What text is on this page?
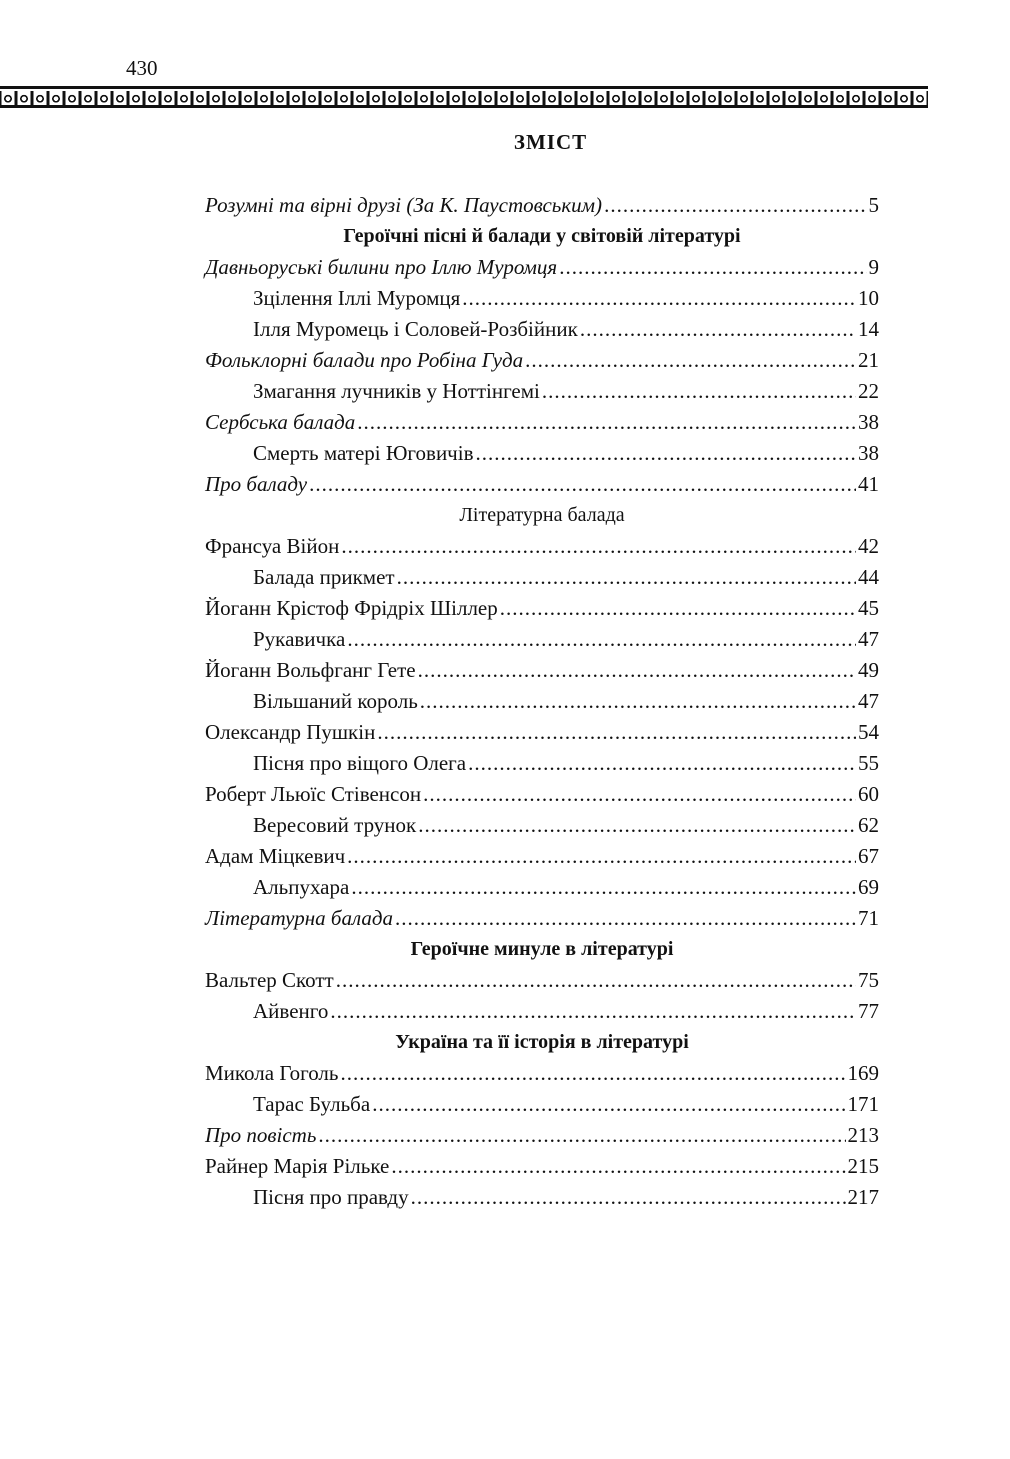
430
ЗМІСТ
Розумні та вірні друзі (За К. Паустовським) .....	5
Героїчні пісні й балади у світовій літературі
Давньоруські билини про Іллю Муромця .....	9
Зцілення Іллі Муромця .....	10
Ілля Муромець і Соловей-Розбійник .....	14
Фольклорні балади про Робіна Гуда .....	21
Змагання лучників у Ноттінгемі .....	22
Сербська балада .....	38
Смерть матері Юговичів .....	38
Про баладу .....	41
Літературна балада
Франсуа Війон .....	42
Балада прикмет .....	44
Йоганн Крістоф Фрідріх Шіллер .....	45
Рукавичка .....	47
Йоганн Вольфганг Гете .....	49
Вільшаний король .....	47
Олександр Пушкін .....	54
Пісня про віщого Олега .....	55
Роберт Льюїс Стівенсон .....	60
Вересовий трунок .....	62
Адам Міцкевич .....	67
Альпухара .....	69
Літературна балада .....	71
Героїчне минуле в літературі
Вальтер Скотт .....	75
Айвенго .....	77
Україна та її історія в літературі
Микола Гоголь .....	169
Тарас Бульба .....	171
Про повість .....	213
Райнер Марія Рільке .....	215
Пісня про правду .....	217
